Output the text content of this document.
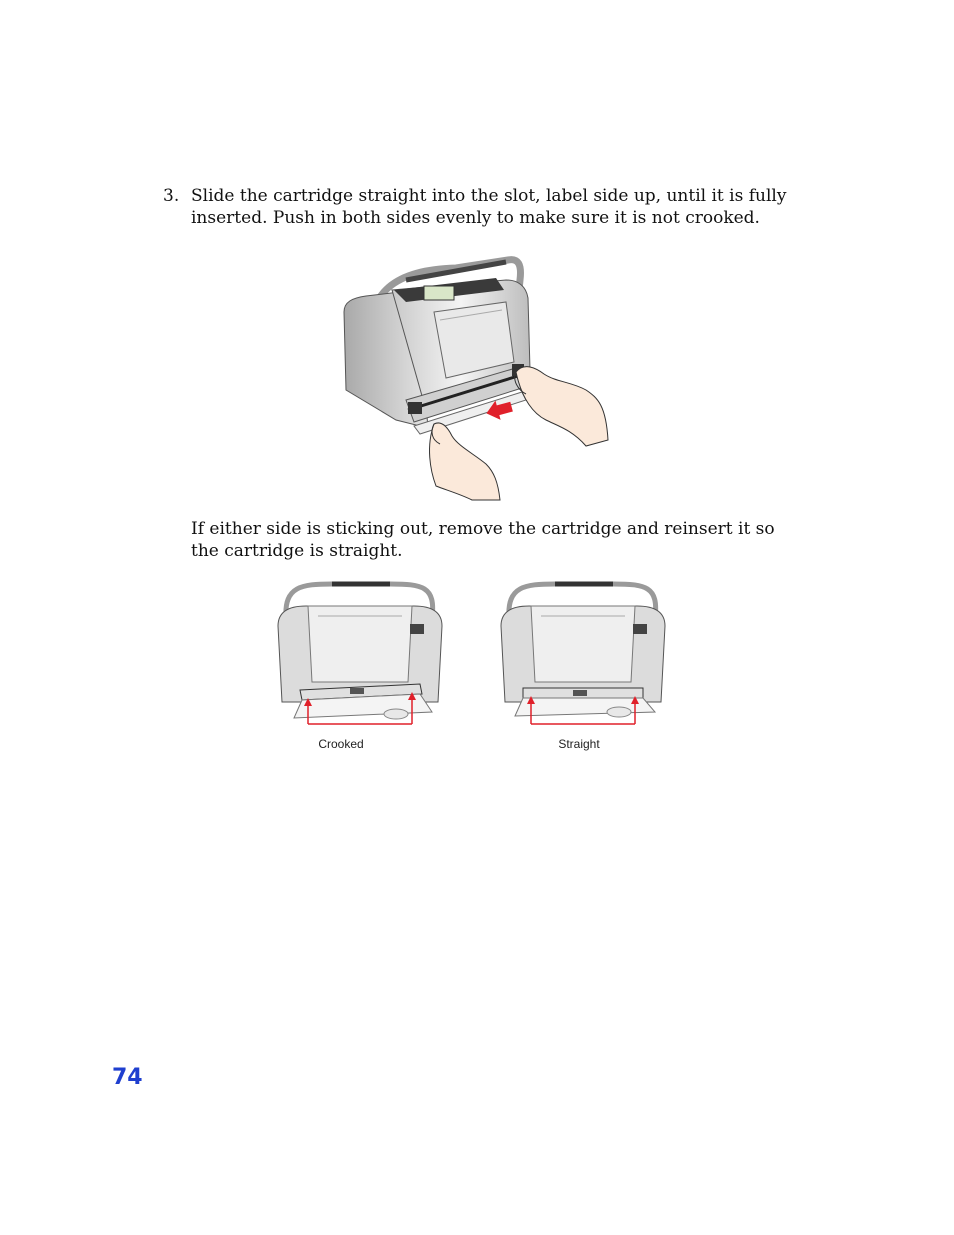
3. Slide the cartridge straight into the slot, label side up, until it is fully inserted. Push in both sides evenly to make sure it is not crooked.
If either side is sticking out, remove the cartridge and reinsert it so the cartridge is straight.
Crooked	Straight
74
